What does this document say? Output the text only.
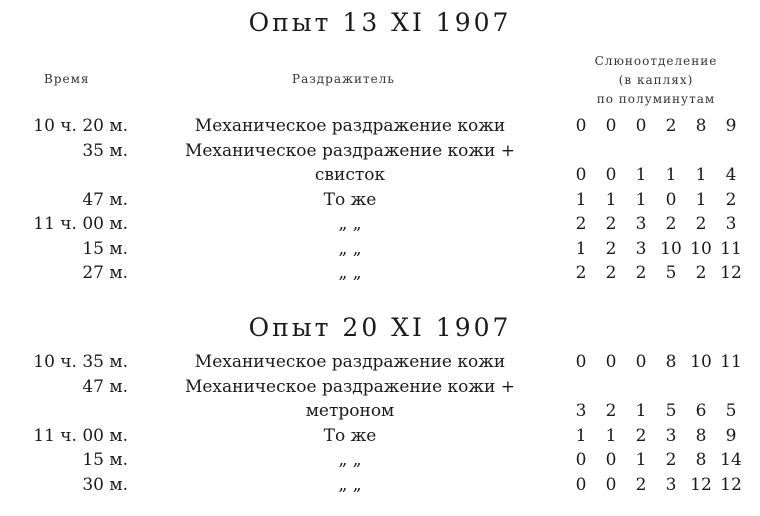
Опыт 13 XI 1907
Время	Раздражитель
Слюноотделение
(в каплях)
по полуминутам
10 ч. 20 м.	Механическое раздражение кожи	0	0	0	2	8	9
35 м.	Механическое раздражение кожи +
свисток	0	0	1	1	1	4
47 м.	То же	1	1	1	0	1	2
11 ч. 00 м.	„ „	2	2	3	2	2	3
15 м.	„ „	1	2	3 10 10 11
27 м.	„ „	2	2	2	5	2 12
Опыт 20 XI 1907
10 ч. 35 м.	Механическое раздражение кожи	0	0	0	8 10 11
47 м.	Механическое раздражение кожи +
метроном	3	2	1	5	6	5
11 ч. 00 м.	То же	1	1	2	3	8	9
15 м.	„ „	0	0	1	2	8 14
30 м.	„ „	0	0	2	3 12 12
